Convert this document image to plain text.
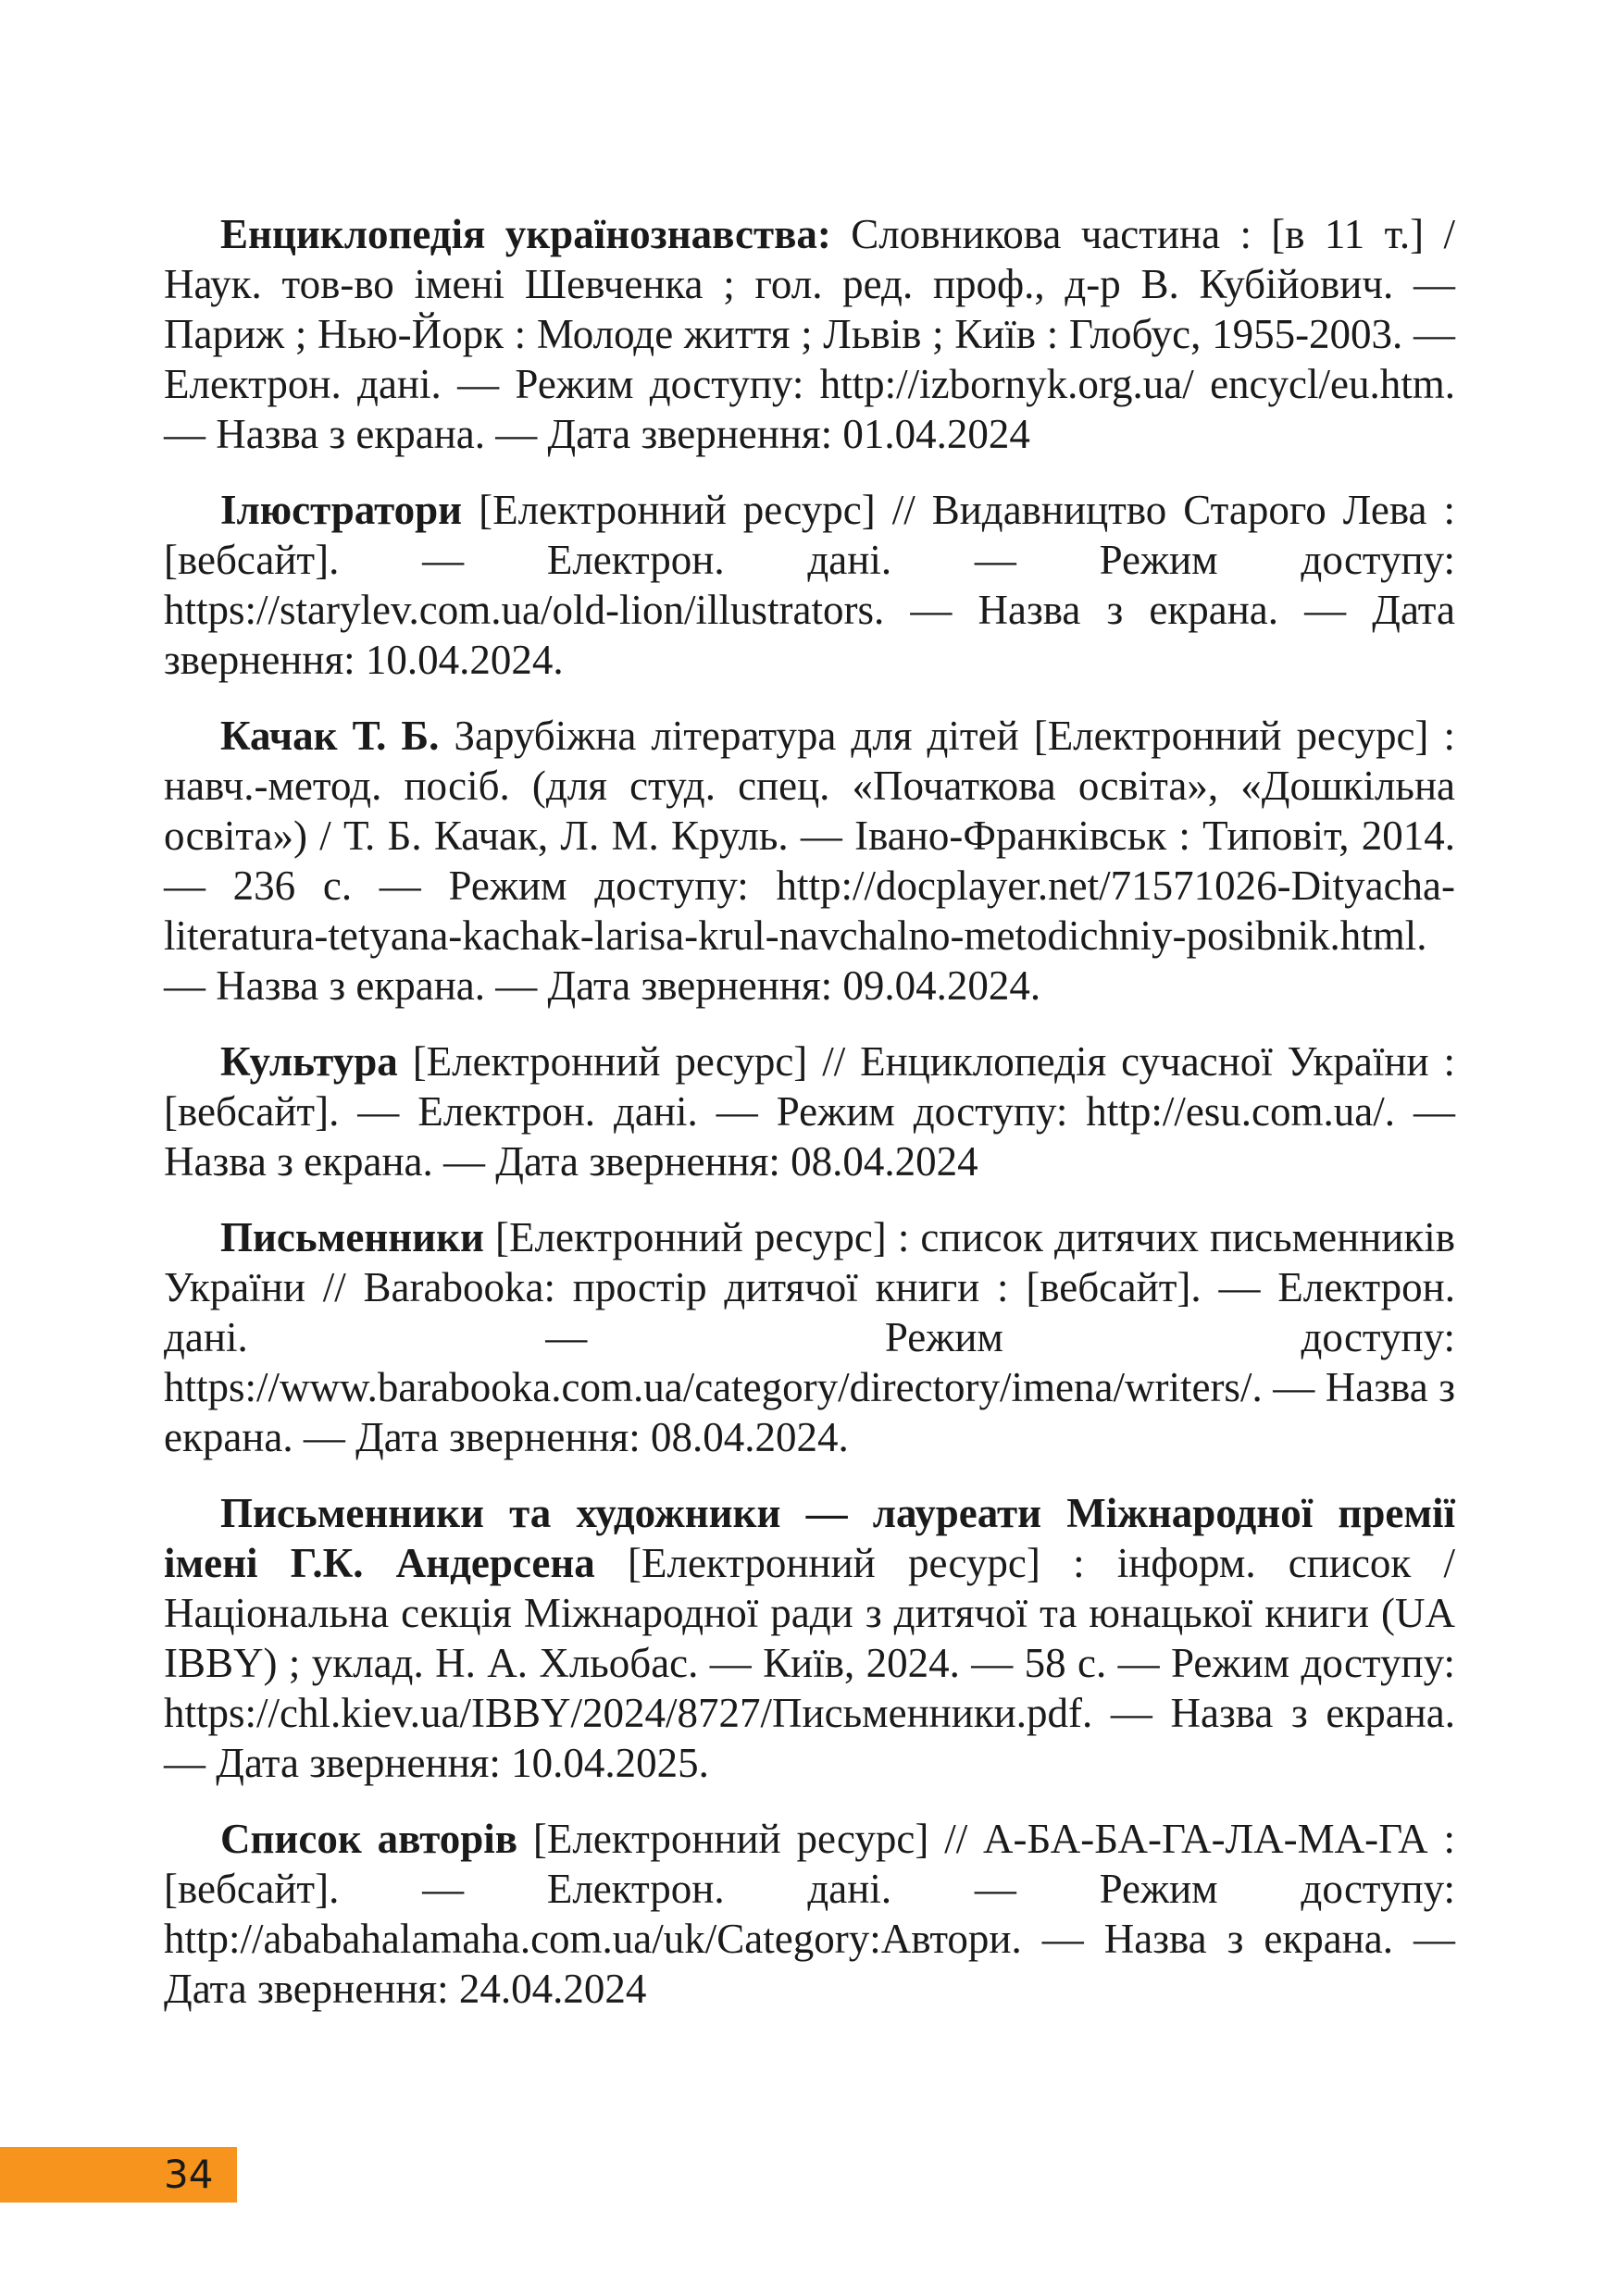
Енциклопедія українознавства: Словникова частина : [в 11 т.] / Наук. тов-во імені Шевченка ; гол. ред. проф., д-р В. Кубійович. — Париж ; Нью-Йорк : Молоде життя ; Львів ; Київ : Глобус, 1955-2003. — Електрон. дані. — Режим доступу: http://izbornyk.org.ua/ encycl/eu.htm. — Назва з екрана. — Дата звернення: 01.04.2024

Ілюстратори [Електронний ресурс] // Видавництво Старого Лева : [вебсайт]. — Електрон. дані. — Режим доступу: https://starylev.com.ua/old-lion/illustrators. — Назва з екрана. — Дата звернення: 10.04.2024.

Качак Т. Б. Зарубіжна література для дітей [Електронний ресурс] : навч.-метод. посіб. (для студ. спец. «Початкова освіта», «Дошкільна освіта») / Т. Б. Качак, Л. М. Круль. — Івано-Франківськ : Типовіт, 2014. — 236 с. — Режим доступу: http://docplayer.net/71571026-Dityacha-literatura-tetyana-kachak-larisa-krul-navchalno-metodichniy-posibnik.html. — Назва з екрана. — Дата звернення: 09.04.2024.

Культура [Електронний ресурс] // Енциклопедія сучасної України : [вебсайт]. — Електрон. дані. — Режим доступу: http://esu.com.ua/. — Назва з екрана. — Дата звернення: 08.04.2024

Письменники [Електронний ресурс] : список дитячих письменників України // Barabooka: простір дитячої книги : [вебсайт]. — Електрон. дані. — Режим доступу: https://www.barabooka.com.ua/category/directory/imena/writers/. — Назва з екрана. — Дата звернення: 08.04.2024.

Письменники та художники — лауреати Міжнародної премії імені Г.К. Андерсена [Електронний ресурс] : інформ. список / Національна секція Міжнародної ради з дитячої та юнацької книги (UA IBBY) ; уклад. Н. А. Хльобас. — Київ, 2024. — 58 с. — Режим доступу: https://chl.kiev.ua/IBBY/2024/8727/Письменники.pdf. — Назва з екрана. — Дата звернення: 10.04.2025.

Список авторів [Електронний ресурс] // А-БА-БА-ГА-ЛА-МА-ГА : [вебсайт]. — Електрон. дані. — Режим доступу: http://ababahalamaha.com.ua/uk/Category:Автори. — Назва з екрана. — Дата звернення: 24.04.2024

34
